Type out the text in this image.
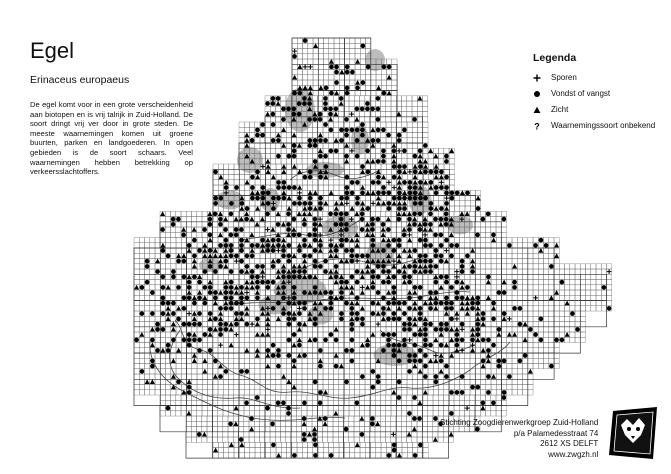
Egel
Erinaceus europaeus
De egel komt voor in een grote verscheidenheid aan biotopen en is vrij talrijk in Zuid-Holland. De soort dringt vrij ver door in grote steden. De meeste waarnemingen komen uit groene buurten, parken en landgoederen. In open gebieden is de soort schaars. Veel waarnemingen hebben betrekking op verkeersslachtoffers.
Legenda
Sporen
Vondst of vangst
Zicht
? Waarnemingssoort onbekend
Stichting Zoogdierenwerkgroep Zuid-Holland
p/a Palamedesstraat 74
2612 XS DELFT
www.zwgzh.nl
